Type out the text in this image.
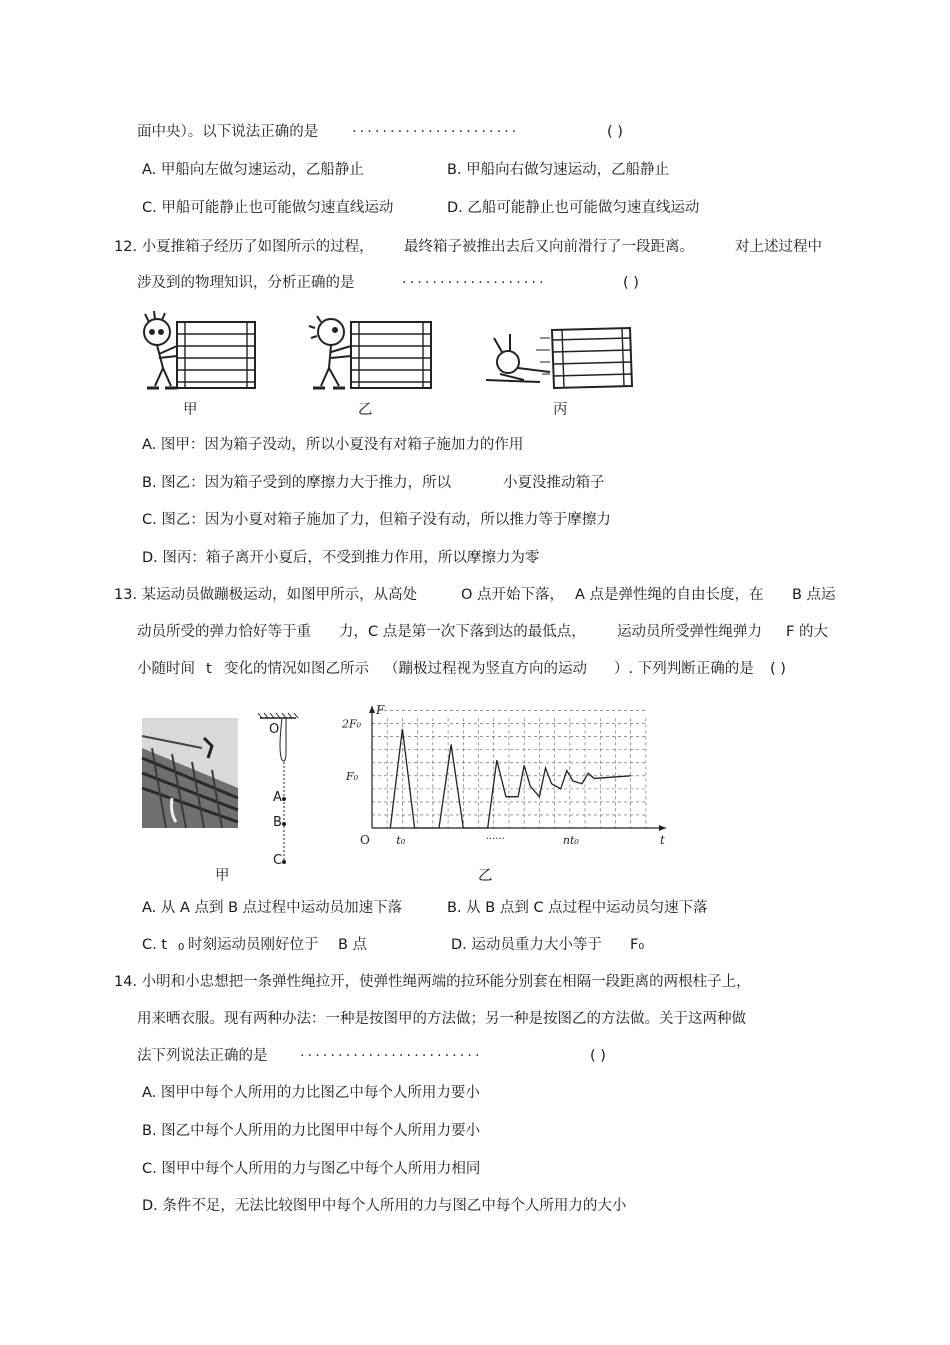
面中央）。以下说法正确的是 ······················	( )
A. 甲船向左做匀速运动，乙船静止	B. 甲船向右做匀速运动，乙船静止
C. 甲船可能静止也可能做匀速直线运动	D. 乙船可能静止也可能做匀速直线运动
12. 小夏推箱子经历了如图所示的过程， 最终箱子被推出去后又向前滑行了一段距离。	对上述过程中
涉及到的物理知识，分析正确的是	···················	( )
甲	乙	丙
A. 图甲：因为箱子没动，所以小夏没有对箱子施加力的作用
B. 图乙：因为箱子受到的摩擦力大于推力，所以	小夏没推动箱子
C. 图乙：因为小夏对箱子施加了力，但箱子没有动，所以推力等于摩擦力
D. 图丙：箱子离开小夏后，不受到推力作用，所以摩擦力为零
13. 某运动员做蹦极运动，如图甲所示，从高处	O 点开始下落， A 点是弹性绳的自由长度，在 B 点运
动员所受的弹力恰好等于重 力，C 点是第一次下落到达的最低点， 运动员所受弹性绳弹力 F 的大
小随时间 t 变化的情况如图乙所示 （蹦极过程视为竖直方向的运动 ）. 下列判断正确的是 ( )
O
A
B
C
F
t
2F₀
F₀
O t₀	······	nt₀
甲	乙
A. 从 A 点到 B 点过程中运动员加速下落	B. 从 B 点到 C 点过程中运动员匀速下落
C. t 0 时刻运动员刚好位于 B 点	D. 运动员重力大小等于 F₀
14. 小明和小忠想把一条弹性绳拉开，使弹性绳两端的拉环能分别套在相隔一段距离的两根柱子上，
用来晒衣服。现有两种办法：一种是按图甲的方法做；另一种是按图乙的方法做。关于这两种做
法下列说法正确的是 ························	( )
A. 图甲中每个人所用的力比图乙中每个人所用力要小
B. 图乙中每个人所用的力比图甲中每个人所用力要小
C. 图甲中每个人所用的力与图乙中每个人所用力相同
D. 条件不足，无法比较图甲中每个人所用的力与图乙中每个人所用力的大小
